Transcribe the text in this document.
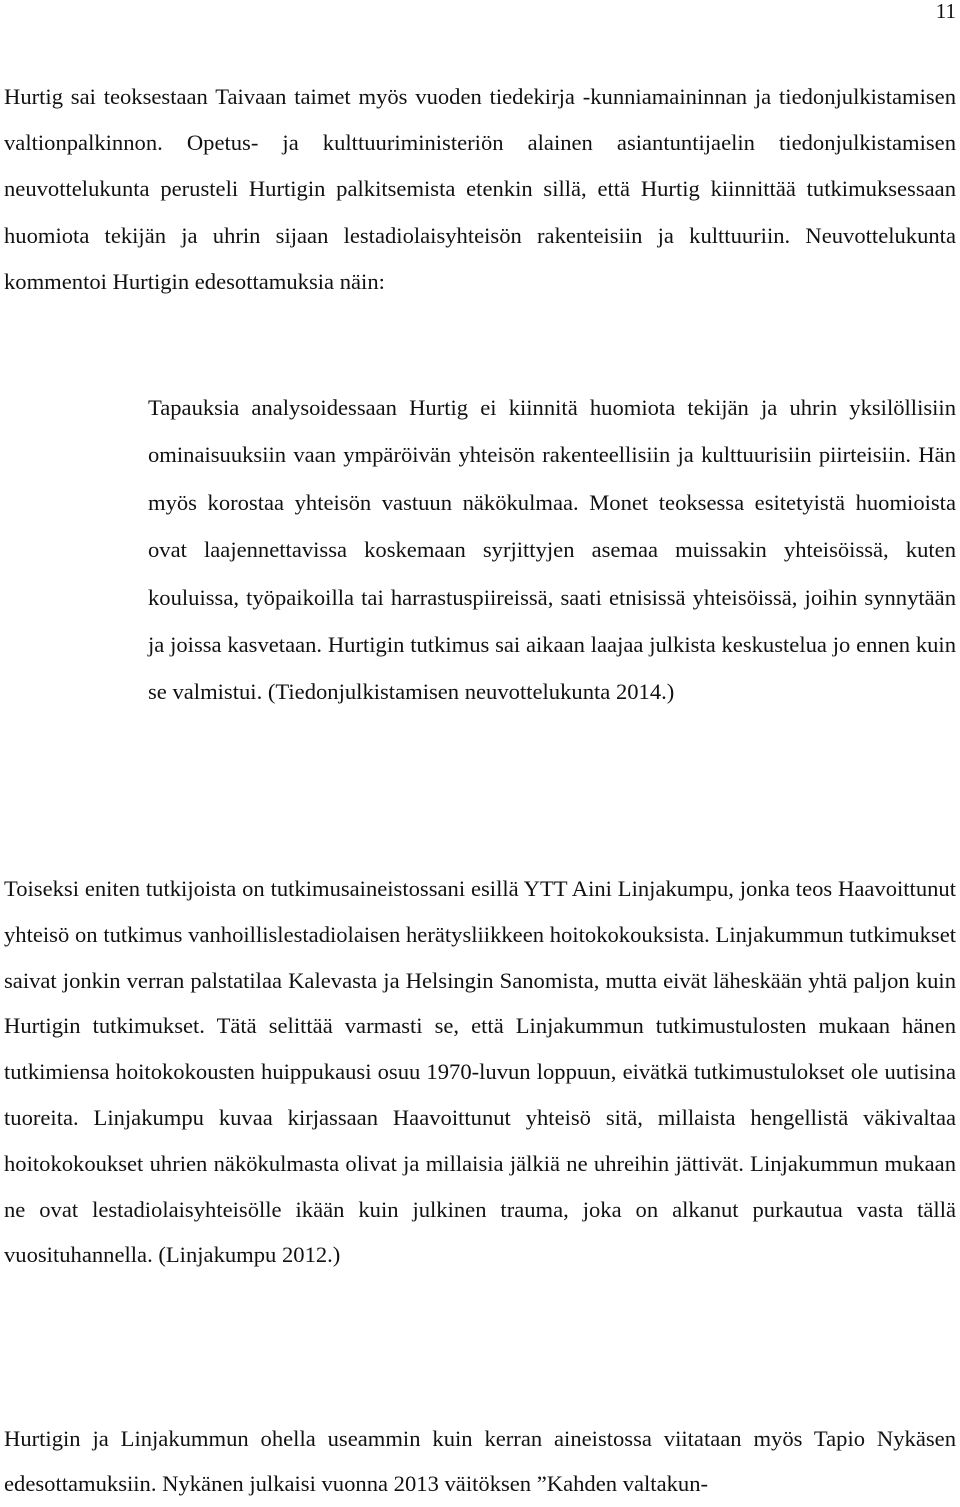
11

Hurtig sai teoksestaan Taivaan taimet myös vuoden tiedekirja -kunniamaininnan ja tiedonjulkistamisen valtionpalkinnon. Opetus- ja kulttuuriministeriön alainen asiantuntijaelin tiedonjulkistamisen neuvottelukunta perusteli Hurtigin palkitsemista etenkin sillä, että Hurtig kiinnittää tutkimuksessaan huomiota tekijän ja uhrin sijaan lestadiolaisyhteisön rakenteisiin ja kulttuuriin. Neuvottelukunta kommentoi Hurtigin edesottamuksia näin:

Tapauksia analysoidessaan Hurtig ei kiinnitä huomiota tekijän ja uhrin yksilöllisiin ominaisuuksiin vaan ympäröivän yhteisön rakenteellisiin ja kulttuurisiin piirteisiin. Hän myös korostaa yhteisön vastuun näkökulmaa. Monet teoksessa esitetyistä huomioista ovat laajennettavissa koskemaan syrjittyjen asemaa muissakin yhteisöissä, kuten kouluissa, työpaikoilla tai harrastuspiireissä, saati etnisissä yhteisöissä, joihin synnytään ja joissa kasvetaan. Hurtigin tutkimus sai aikaan laajaa julkista keskustelua jo ennen kuin se valmistui. (Tiedonjulkistamisen neuvottelukunta 2014.)

Toiseksi eniten tutkijoista on tutkimusaineistossani esillä YTT Aini Linjakumpu, jonka teos Haavoittunut yhteisö on tutkimus vanhoillislestadiolaisen herätysliikkeen hoitokokouksista. Linjakummun tutkimukset saivat jonkin verran palstatilaa Kalevasta ja Helsingin Sanomista, mutta eivät läheskään yhtä paljon kuin Hurtigin tutkimukset. Tätä selittää varmasti se, että Linjakummun tutkimustulosten mukaan hänen tutkimiensa hoitokokousten huippukausi osuu 1970-luvun loppuun, eivätkä tutkimustulokset ole uutisina tuoreita. Linjakumpu kuvaa kirjassaan Haavoittunut yhteisö sitä, millaista hengellistä väkivaltaa hoitokokoukset uhrien näkökulmasta olivat ja millaisia jälkiä ne uhreihin jättivät. Linjakummun mukaan ne ovat lestadiolaisyhteisölle ikään kuin julkinen trauma, joka on alkanut purkautua vasta tällä vuosituhannella. (Linjakumpu 2012.)

Hurtigin ja Linjakummun ohella useammin kuin kerran aineistossa viitataan myös Tapio Nykäsen edesottamuksiin. Nykänen julkaisi vuonna 2013 väitöksen ”Kahden valtakun-
